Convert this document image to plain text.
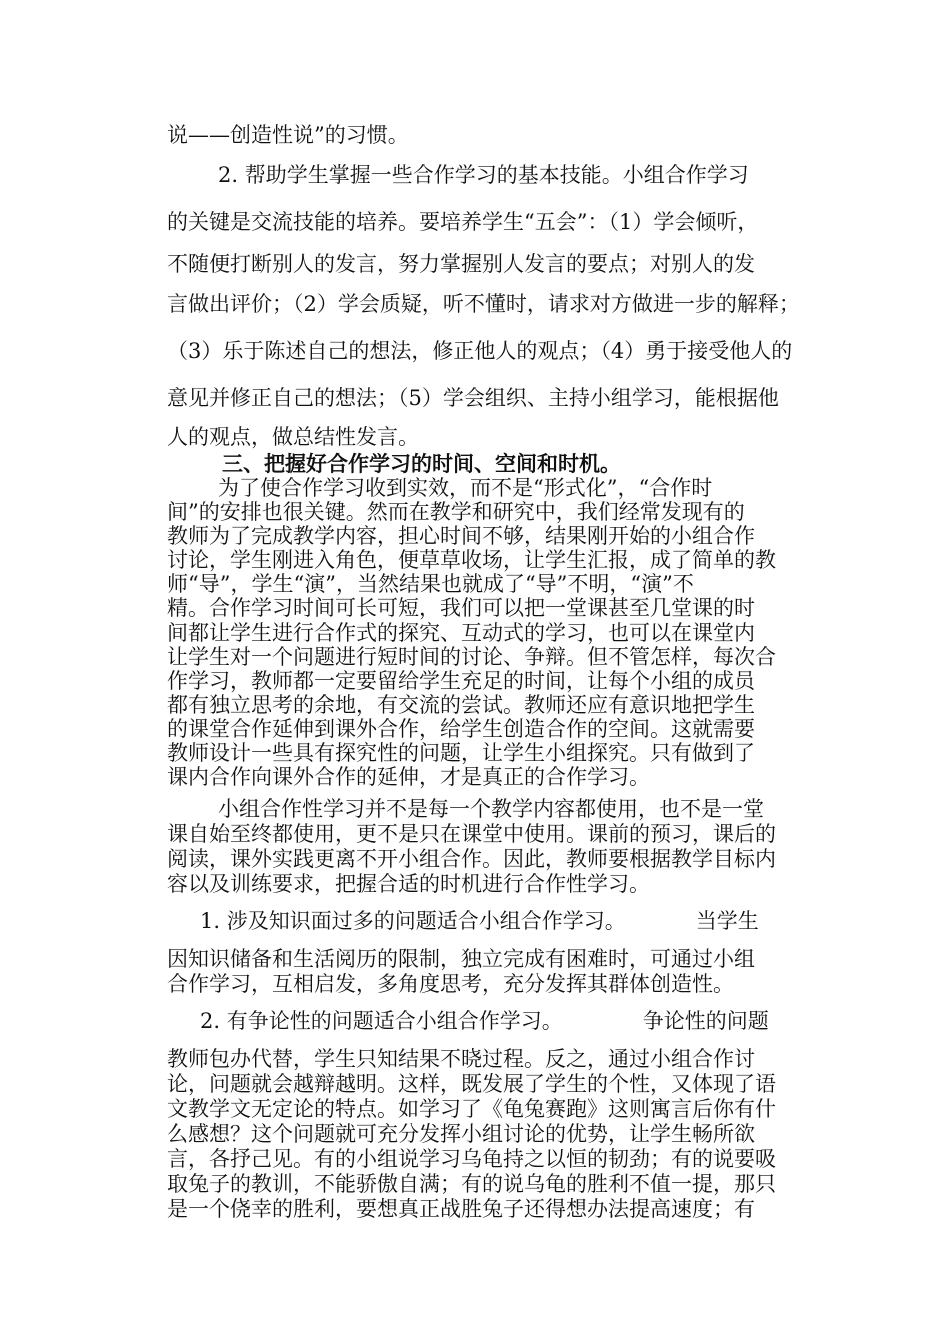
说——创造性说”的习惯。
2. 帮助学生掌握一些合作学习的基本技能。小组合作学习
的关键是交流技能的培养。要培养学生“五会”：（1）学会倾听，
不随便打断别人的发言，努力掌握别人发言的要点；对别人的发
言做出评价；（2）学会质疑，听不懂时，请求对方做进一步的解释；
（3）乐于陈述自己的想法，修正他人的观点；（4）勇于接受他人的
意见并修正自己的想法；（5）学会组织、主持小组学习，能根据他
人的观点，做总结性发言。
三、把握好合作学习的时间、空间和时机。
为了使合作学习收到实效，而不是“形式化”，“合作时
间”的安排也很关键。然而在教学和研究中，我们经常发现有的
教师为了完成教学内容，担心时间不够，结果刚开始的小组合作
讨论，学生刚进入角色，便草草收场，让学生汇报，成了简单的教
师“导”，学生“演”，当然结果也就成了“导”不明，“演”不
精。合作学习时间可长可短，我们可以把一堂课甚至几堂课的时
间都让学生进行合作式的探究、互动式的学习，也可以在课堂内
让学生对一个问题进行短时间的讨论、争辩。但不管怎样，每次合
作学习，教师都一定要留给学生充足的时间，让每个小组的成员
都有独立思考的余地，有交流的尝试。教师还应有意识地把学生
的课堂合作延伸到课外合作，给学生创造合作的空间。这就需要
教师设计一些具有探究性的问题，让学生小组探究。只有做到了
课内合作向课外合作的延伸，才是真正的合作学习。
小组合作性学习并不是每一个教学内容都使用，也不是一堂
课自始至终都使用，更不是只在课堂中使用。课前的预习，课后的
阅读，课外实践更离不开小组合作。因此，教师要根据教学目标内
容以及训练要求，把握合适的时机进行合作性学习。
1. 涉及知识面过多的问题适合小组合作学习。	当学生
因知识储备和生活阅历的限制，独立完成有困难时，可通过小组
合作学习，互相启发，多角度思考，充分发挥其群体创造性。
2. 有争论性的问题适合小组合作学习。	争论性的问题
教师包办代替，学生只知结果不晓过程。反之，通过小组合作讨
论，问题就会越辩越明。这样，既发展了学生的个性，又体现了语
文教学文无定论的特点。如学习了《龟兔赛跑》这则寓言后你有什
么感想？这个问题就可充分发挥小组讨论的优势，让学生畅所欲
言，各抒己见。有的小组说学习乌龟持之以恒的韧劲；有的说要吸
取兔子的教训，不能骄傲自满；有的说乌龟的胜利不值一提，那只
是一个侥幸的胜利，要想真正战胜兔子还得想办法提高速度；有
